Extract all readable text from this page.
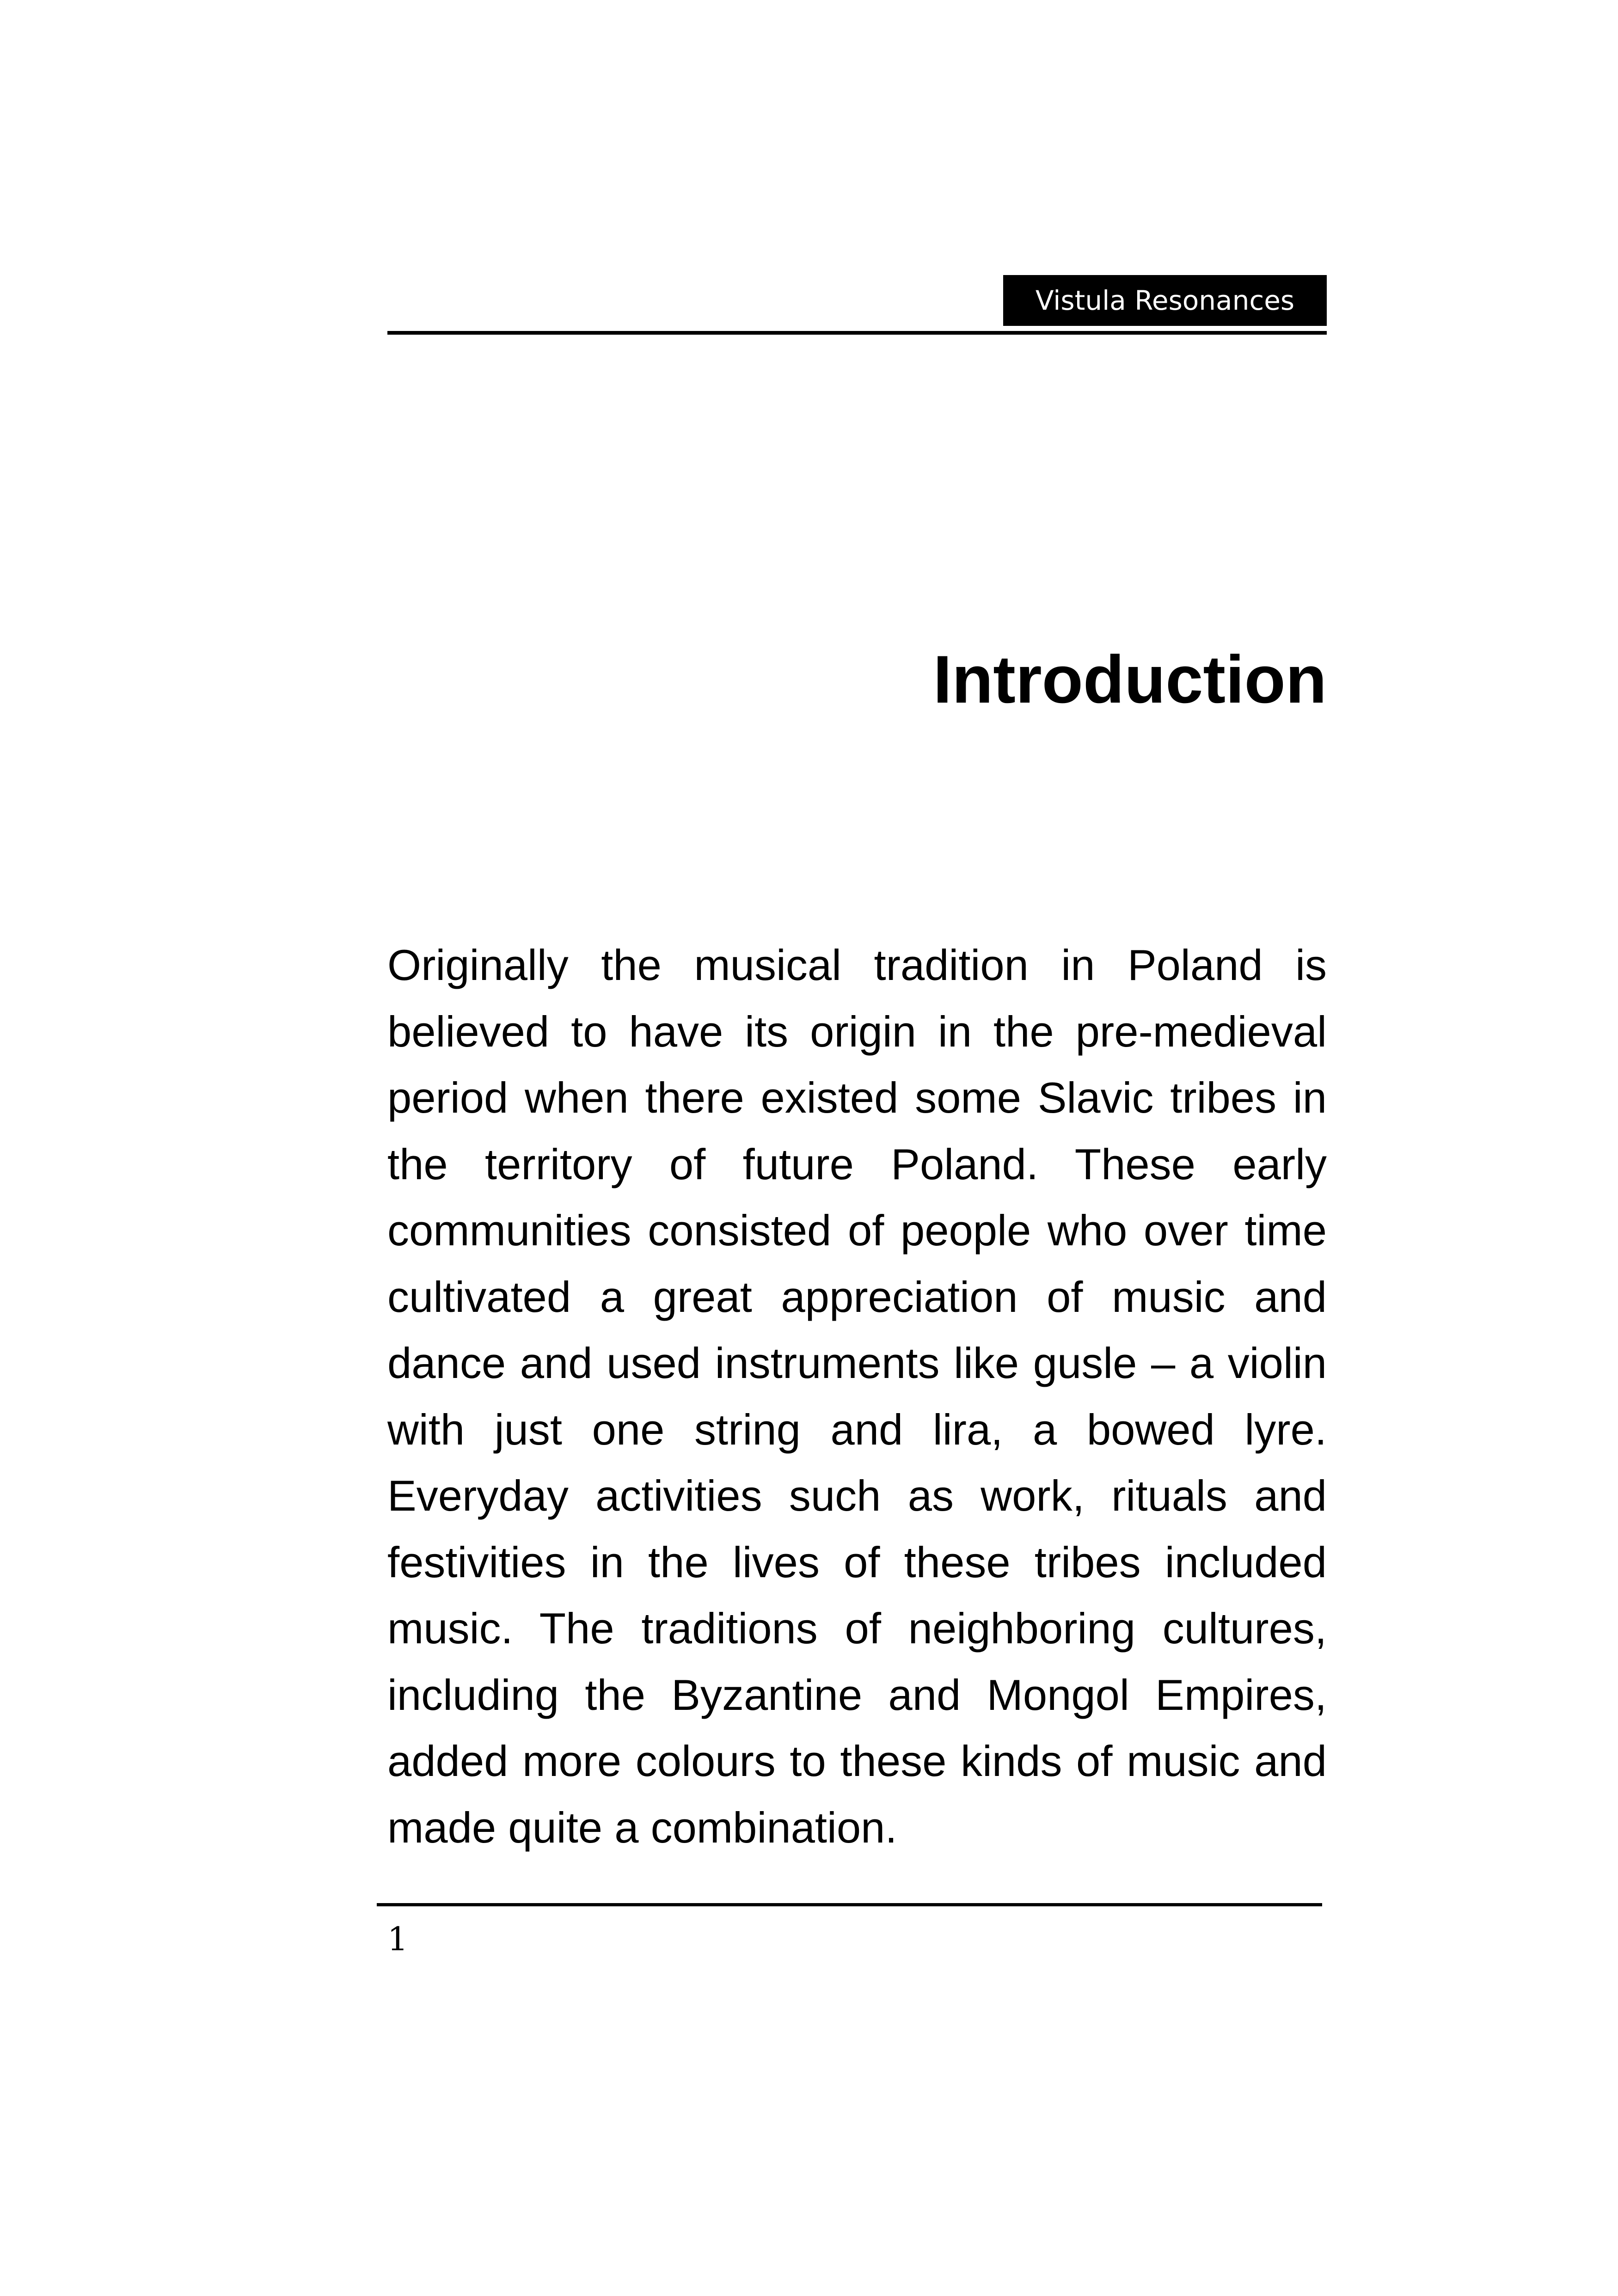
Vistula Resonances
Introduction

Originally the musical tradition in Poland is believed to have its origin in the pre-medieval period when there existed some Slavic tribes in the territory of future Poland. These early communities consisted of people who over time cultivated a great appreciation of music and dance and used instruments like gusle – a violin with just one string and lira, a bowed lyre. Everyday activities such as work, rituals and festivities in the lives of these tribes included music. The traditions of neighboring cultures, including the Byzantine and Mongol Empires, added more colours to these kinds of music and made quite a combination.

1
